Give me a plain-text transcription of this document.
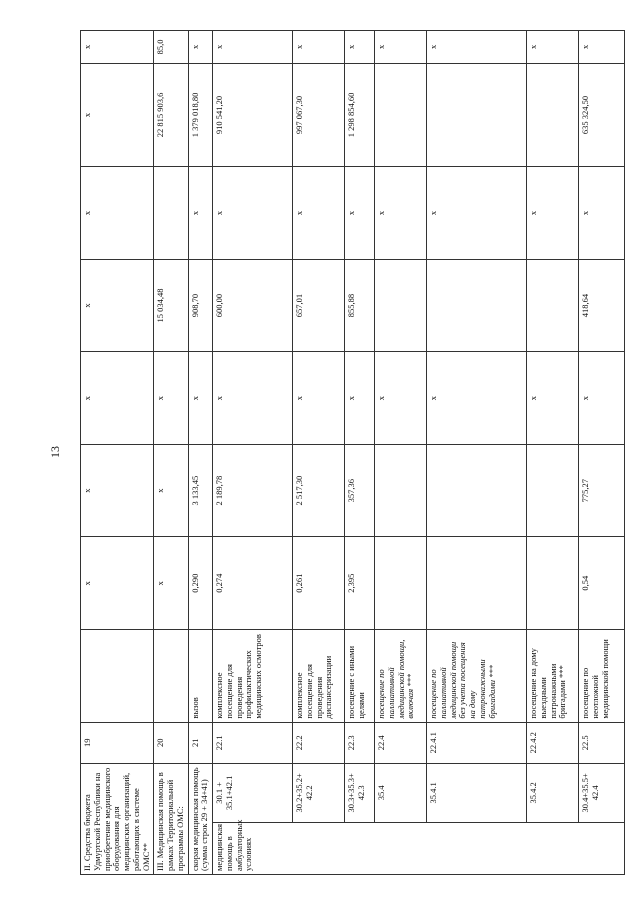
13
II. Средства бюджета Удмуртской Республики на приобретение медицинского оборудования для медицинских организаций, работающих в системе ОМС**		19		х	х	х	х	х	х	х
III. Медицинская помощь в рамках Территориальной программы ОМС:		20		х	х	х	15 034,48		22 815 903,6	85,0
скорая медицинская помощь (сумма строк 29 + 34+41)		21	вызов	0,290	3 133,45	х	908,70	х	1 379 018,80	х
медицинская помощь в амбулаторных условиях	30.1 + 35.1+42.1	22.1	комплексное посещение для проведения профилактических медицинских осмотров	0,274	2 189,78	х	600,00	х	910 541,20	х
	30.2+35.2+ 42.2	22.2	комплексное посещение для проведения диспансеризации	0,261	2 517,30	х	657,01	х	997 067,30	х
	30.3+35.3+ 42.3	22.3	посещение с иными целями	2,395	357,36	х	855,88	х	1 298 854,60	х
	35.4	22.4	посещение по паллиативной медицинской помощи, включая ***			х		х		х
	35.4.1	22.4.1	посещение по паллиативной медицинской помощи без учета посещения на дому патронажными бригадами ***			х		х		х
	35.4.2	22.4.2	посещение на дому выездными патронажными бригадами ***			х		х		х
	30.4+35.5+ 42.4	22.5	посещение по неотложной медицинской помощи	0,54	775,27	х	418,64	х	635 324,50	х
